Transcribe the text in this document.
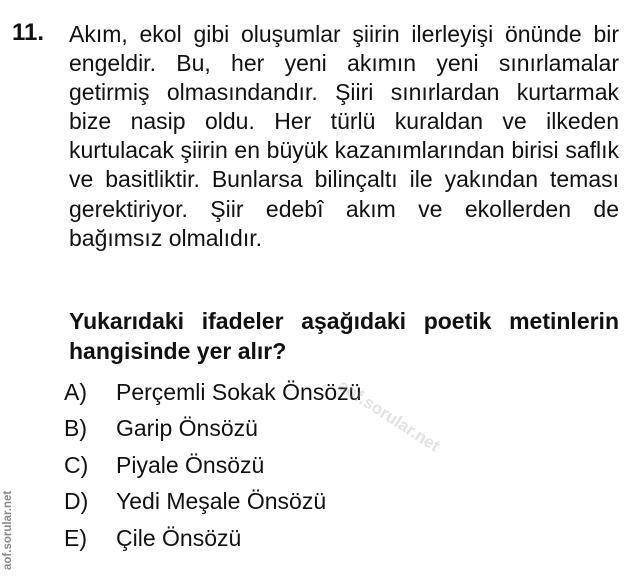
11. Akım, ekol gibi oluşumlar şiirin ilerleyişi önünde bir engeldir. Bu, her yeni akımın yeni sınırlamalar getirmiş olmasındandır. Şiiri sınırlardan kurtarmak bize nasip oldu. Her türlü kuraldan ve ilkeden kurtulacak şiirin en büyük kazanımlarından birisi saflık ve basitliktir. Bunlarsa bilinçaltı ile yakından teması gerektiriyor. Şiir edebî akım ve ekollerden de bağımsız olmalıdır.
Yukarıdaki ifadeler aşağıdaki poetik metinlerin hangisinde yer alır?
A)	Perçemli Sokak Önsözü
B)	Garip Önsözü
C)	Piyale Önsözü
D)	Yedi Meşale Önsözü
E)	Çile Önsözü
aof.sorular.net
aof.sorular.net
